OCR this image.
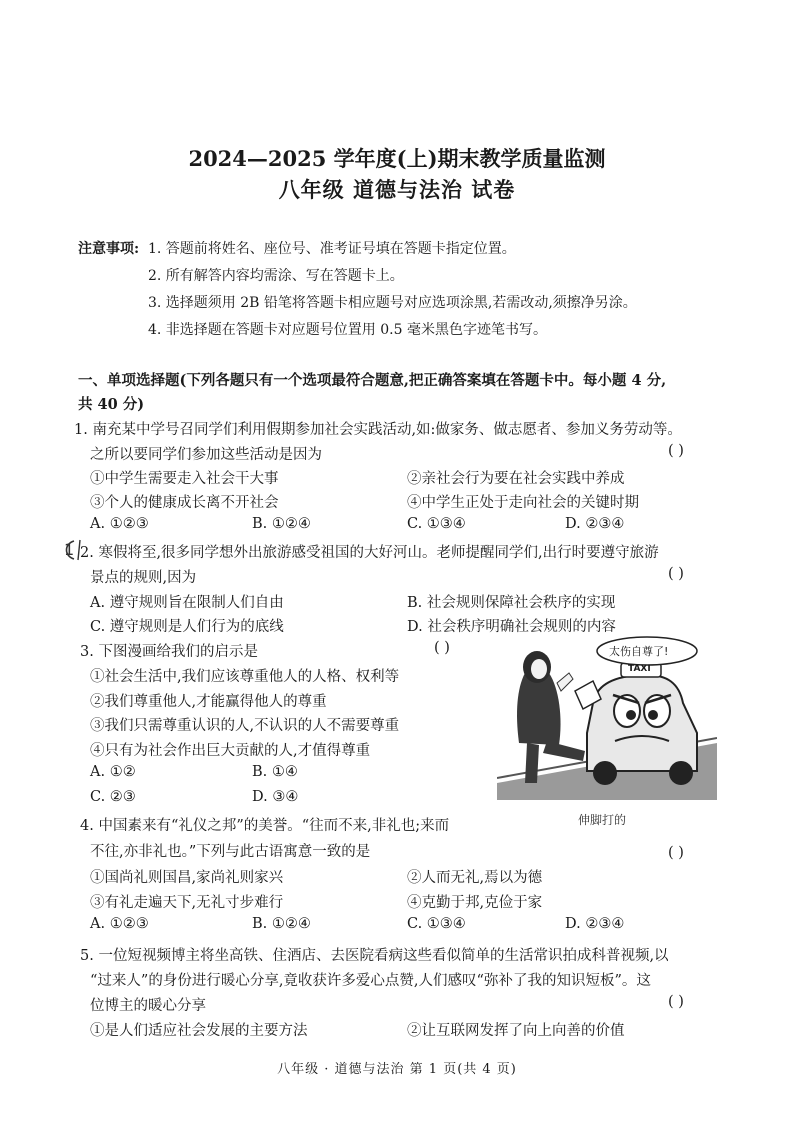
2024—2025 学年度(上)期末教学质量监测
八年级 道德与法治 试卷
注意事项: 1. 答题前将姓名、座位号、准考证号填在答题卡指定位置。
2. 所有解答内容均需涂、写在答题卡上。
3. 选择题须用 2B 铅笔将答题卡相应题号对应选项涂黑,若需改动,须擦净另涂。
4. 非选择题在答题卡对应题号位置用 0.5 毫米黑色字迹笔书写。
一、单项选择题(下列各题只有一个选项最符合题意,把正确答案填在答题卡中。每小题 4 分,
共 40 分)
1. 南充某中学号召同学们利用假期参加社会实践活动,如:做家务、做志愿者、参加义务劳动等。
之所以要同学们参加这些活动是因为	( )
①中学生需要走入社会干大事	②亲社会行为要在社会实践中养成
③个人的健康成长离不开社会	④中学生正处于走向社会的关键时期
A. ①②③	B. ①②④	C. ①③④	D. ②③④
1 2. 寒假将至,很多同学想外出旅游感受祖国的大好河山。老师提醒同学们,出行时要遵守旅游
景点的规则,因为	( )
A. 遵守规则旨在限制人们自由	B. 社会规则保障社会秩序的实现
C. 遵守规则是人们行为的底线	D. 社会秩序明确社会规则的内容
3. 下图漫画给我们的启示是	( )
①社会生活中,我们应该尊重他人的人格、权利等
②我们尊重他人,才能赢得他人的尊重
③我们只需尊重认识的人,不认识的人不需要尊重
④只有为社会作出巨大贡献的人,才值得尊重
A. ①②	B. ①④
C. ②③	D. ③④
太伤自尊了!
TAXI
伸脚打的
4. 中国素来有“礼仪之邦”的美誉。“往而不来,非礼也;来而
不往,亦非礼也。”下列与此古语寓意一致的是	( )
①国尚礼则国昌,家尚礼则家兴	②人而无礼,焉以为德
③有礼走遍天下,无礼寸步难行	④克勤于邦,克俭于家
A. ①②③	B. ①②④	C. ①③④	D. ②③④
5. 一位短视频博主将坐高铁、住酒店、去医院看病这些看似简单的生活常识拍成科普视频,以
“过来人”的身份进行暖心分享,竟收获许多爱心点赞,人们感叹“弥补了我的知识短板”。这
位博主的暖心分享	( )
①是人们适应社会发展的主要方法	②让互联网发挥了向上向善的价值
八年级 · 道德与法治 第 1 页(共 4 页)
